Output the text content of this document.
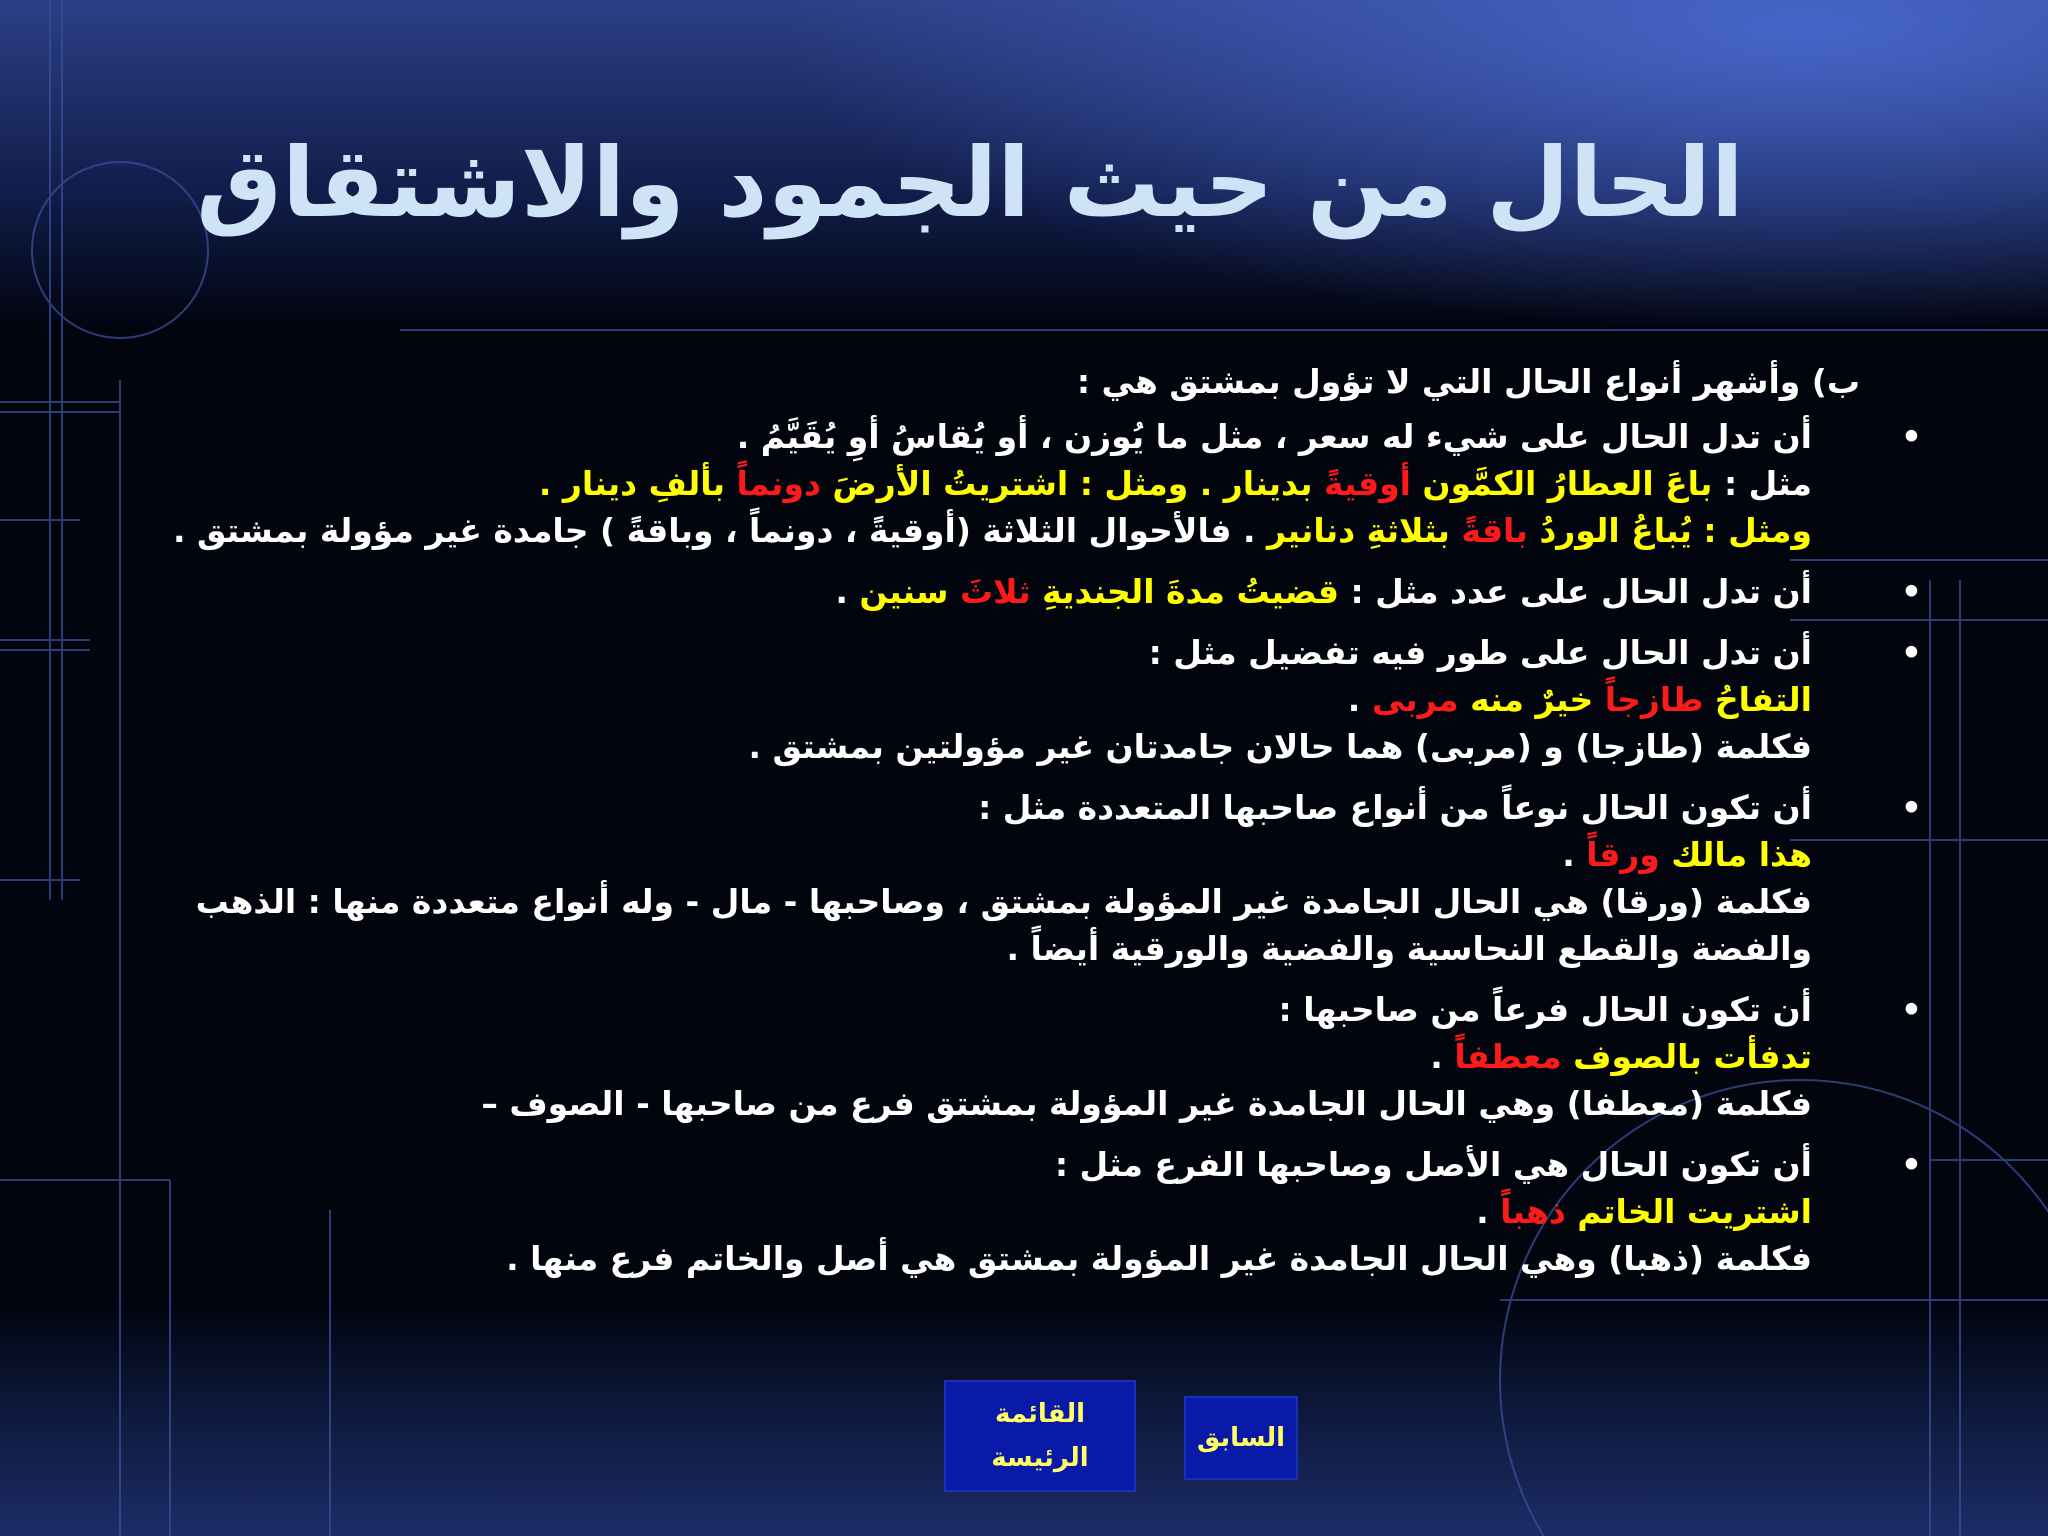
الحال من حيث الجمود والاشتقاق
ب) وأشهر أنواع الحال التي لا تؤول بمشتق هي :
•
أن تدل الحال على شيء له سعر ، مثل ما يُوزن ، أو يُقاسُ أوِ يُقَيَّمُ .
مثل : باعَ العطارُ الكمَّون أوقيةً بدينار . ومثل : اشتريتُ الأرضَ دونماً بألفِ دينار .
ومثل : يُباعُ الوردُ باقةً بثلاثةِ دنانير . فالأحوال الثلاثة (أوقيةً ، دونماً ، وباقةً ) جامدة غير مؤولة بمشتق .
•
أن تدل الحال على عدد مثل : قضيتُ مدةَ الجنديةِ ثلاثَ سنين .
•
أن تدل الحال على طور فيه تفضيل مثل :
التفاحُ طازجاً خيرٌ منه مربى .
فكلمة (طازجا) و (مربى) هما حالان جامدتان غير مؤولتين بمشتق .
•
أن تكون الحال نوعاً من أنواع صاحبها المتعددة مثل :
هذا مالك ورقاً .
فكلمة (ورقا) هي الحال الجامدة غير المؤولة بمشتق ، وصاحبها - مال - وله أنواع متعددة منها : الذهب والفضة والقطع النحاسية والفضية والورقية أيضاً .
•
أن تكون الحال فرعاً من صاحبها :
تدفأت بالصوف معطفاً .
فكلمة (معطفا) وهي الحال الجامدة غير المؤولة بمشتق فرع من صاحبها - الصوف –
•
أن تكون الحال هي الأصل وصاحبها الفرع مثل :
اشتريت الخاتم ذهباً .
فكلمة (ذهبا) وهي الحال الجامدة غير المؤولة بمشتق هي أصل والخاتم فرع منها .
القائمة الرئيسة
السابق
